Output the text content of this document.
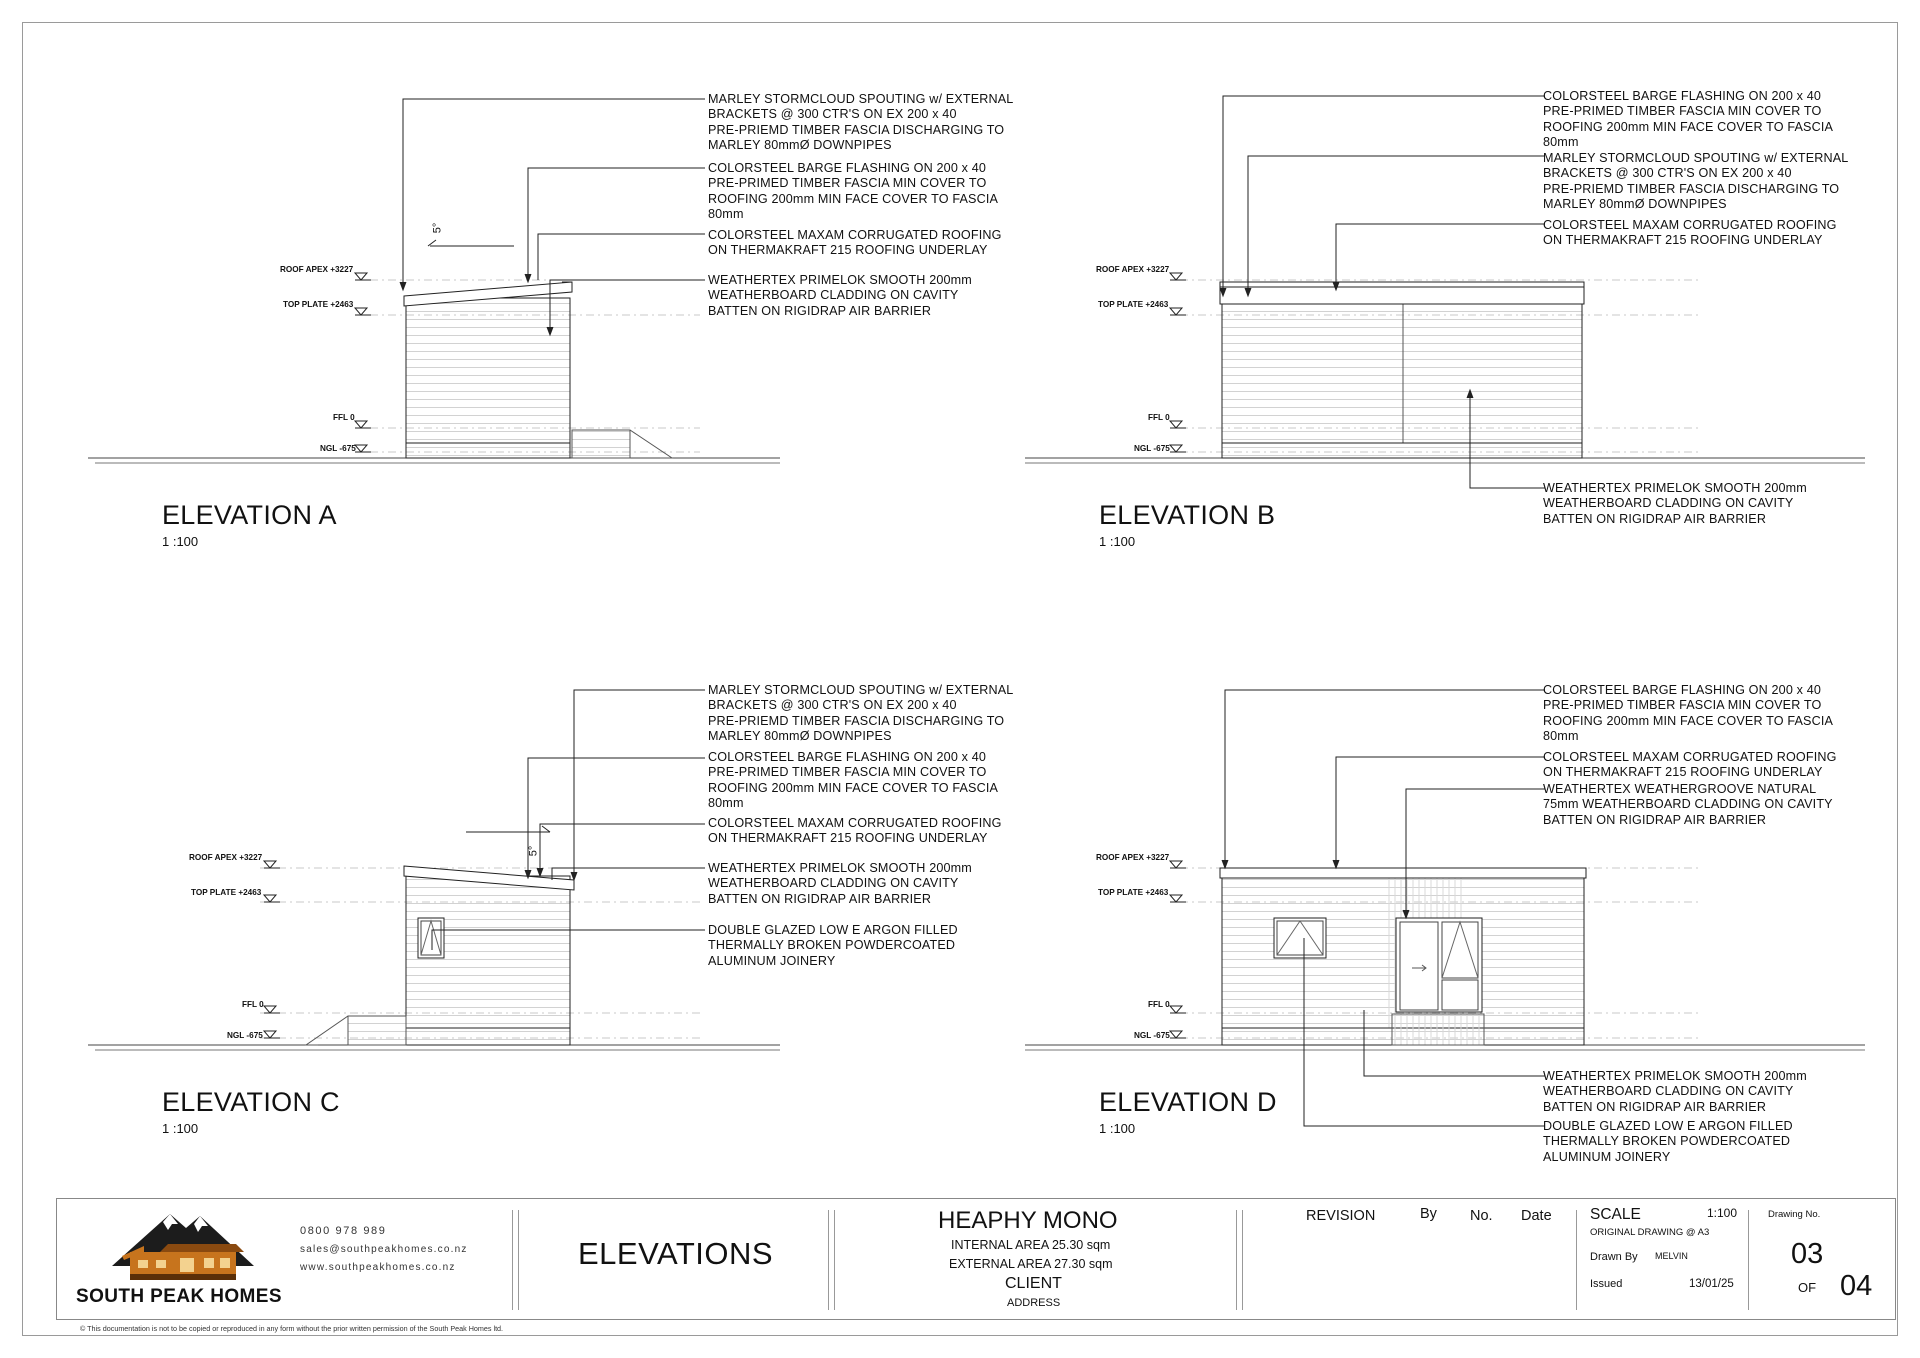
5°
5°
ROOF APEX +3227
TOP PLATE +2463
FFL 0
NGL -675
ROOF APEX +3227
TOP PLATE +2463
FFL 0
NGL -675
ROOF APEX +3227
TOP PLATE +2463
FFL 0
NGL -675
ROOF APEX +3227
TOP PLATE +2463
FFL 0
NGL -675
MARLEY STORMCLOUD SPOUTING w/ EXTERNAL
BRACKETS @ 300 CTR'S ON EX 200 x 40
PRE-PRIEMD TIMBER FASCIA DISCHARGING TO
MARLEY 80mmØ DOWNPIPES
COLORSTEEL BARGE FLASHING ON 200 x 40
PRE-PRIMED TIMBER FASCIA MIN COVER TO
ROOFING 200mm MIN FACE COVER TO FASCIA
80mm
COLORSTEEL MAXAM CORRUGATED ROOFING
ON THERMAKRAFT 215 ROOFING UNDERLAY
WEATHERTEX PRIMELOK SMOOTH 200mm
WEATHERBOARD CLADDING ON CAVITY
BATTEN ON RIGIDRAP AIR BARRIER
ELEVATION A
1 :100
COLORSTEEL BARGE FLASHING ON 200 x 40
PRE-PRIMED TIMBER FASCIA MIN COVER TO
ROOFING 200mm MIN FACE COVER TO FASCIA
80mm
MARLEY STORMCLOUD SPOUTING w/ EXTERNAL
BRACKETS @ 300 CTR'S ON EX 200 x 40
PRE-PRIEMD TIMBER FASCIA DISCHARGING TO
MARLEY 80mmØ DOWNPIPES
COLORSTEEL MAXAM CORRUGATED ROOFING
ON THERMAKRAFT 215 ROOFING UNDERLAY
WEATHERTEX PRIMELOK SMOOTH 200mm
WEATHERBOARD CLADDING ON CAVITY
BATTEN ON RIGIDRAP AIR BARRIER
ELEVATION B
1 :100
MARLEY STORMCLOUD SPOUTING w/ EXTERNAL
BRACKETS @ 300 CTR'S ON EX 200 x 40
PRE-PRIEMD TIMBER FASCIA DISCHARGING TO
MARLEY 80mmØ DOWNPIPES
COLORSTEEL BARGE FLASHING ON 200 x 40
PRE-PRIMED TIMBER FASCIA MIN COVER TO
ROOFING 200mm MIN FACE COVER TO FASCIA
80mm
COLORSTEEL MAXAM CORRUGATED ROOFING
ON THERMAKRAFT 215 ROOFING UNDERLAY
WEATHERTEX PRIMELOK SMOOTH 200mm
WEATHERBOARD CLADDING ON CAVITY
BATTEN ON RIGIDRAP AIR BARRIER
DOUBLE GLAZED LOW E ARGON FILLED
THERMALLY BROKEN POWDERCOATED
ALUMINUM JOINERY
ELEVATION C
1 :100
COLORSTEEL BARGE FLASHING ON 200 x 40
PRE-PRIMED TIMBER FASCIA MIN COVER TO
ROOFING 200mm MIN FACE COVER TO FASCIA
80mm
COLORSTEEL MAXAM CORRUGATED ROOFING
ON THERMAKRAFT 215 ROOFING UNDERLAY
WEATHERTEX WEATHERGROOVE NATURAL
75mm WEATHERBOARD CLADDING ON CAVITY
BATTEN ON RIGIDRAP AIR BARRIER
WEATHERTEX PRIMELOK SMOOTH 200mm
WEATHERBOARD CLADDING ON CAVITY
BATTEN ON RIGIDRAP AIR BARRIER
DOUBLE GLAZED LOW E ARGON FILLED
THERMALLY BROKEN POWDERCOATED
ALUMINUM JOINERY
ELEVATION D
1 :100
SOUTH PEAK HOMES
0800 978 989
sales@southpeakhomes.co.nz
www.southpeakhomes.co.nz	ELEVATIONS
HEAPHY MONO
INTERNAL AREA 25.30 sqm
EXTERNAL AREA 27.30 sqm
CLIENT
ADDRESS
REVISION	By No. Date SCALE	1:100
ORIGINAL DRAWING @ A3
Drawn By MELVIN
Issued	13/01/25
Drawing No.
03
OF 04
© This documentation is not to be copied or reproduced in any form without the prior written permission of the South Peak Homes ltd.
